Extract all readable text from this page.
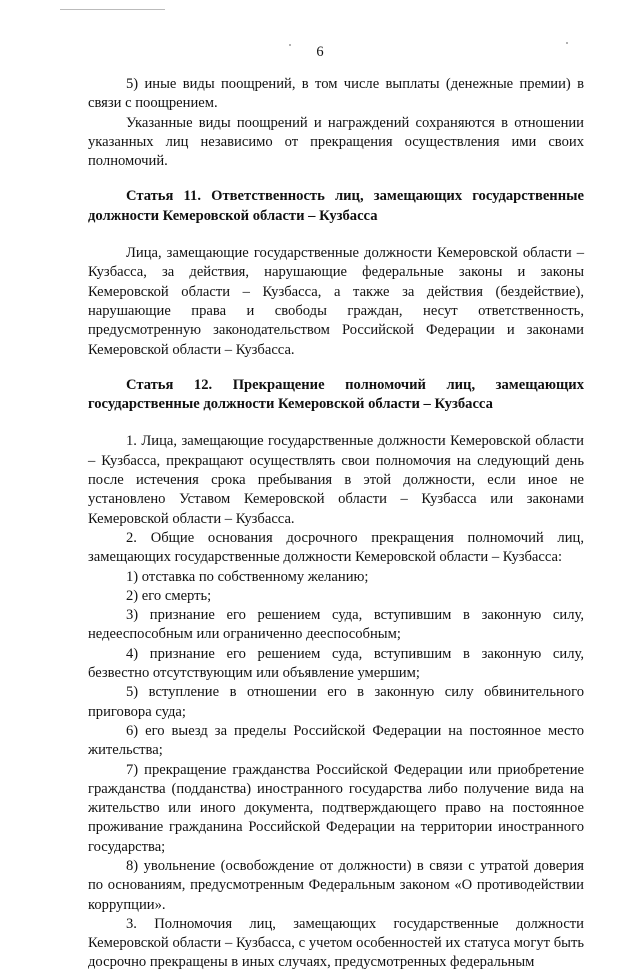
6

5) иные виды поощрений, в том числе выплаты (денежные премии) в связи с поощрением.

Указанные виды поощрений и награждений сохраняются в отношении указанных лиц независимо от прекращения осуществления ими своих полномочий.

Статья 11. Ответственность лиц, замещающих государственные должности Кемеровской области – Кузбасса

Лица, замещающие государственные должности Кемеровской области – Кузбасса, за действия, нарушающие федеральные законы и законы Кемеровской области – Кузбасса, а также за действия (бездействие), нарушающие права и свободы граждан, несут ответственность, предусмотренную законодательством Российской Федерации и законами Кемеровской области – Кузбасса.

Статья 12. Прекращение полномочий лиц, замещающих государственные должности Кемеровской области – Кузбасса

1. Лица, замещающие государственные должности Кемеровской области – Кузбасса, прекращают осуществлять свои полномочия на следующий день после истечения срока пребывания в этой должности, если иное не установлено Уставом Кемеровской области – Кузбасса или законами Кемеровской области – Кузбасса.

2. Общие основания досрочного прекращения полномочий лиц, замещающих государственные должности Кемеровской области – Кузбасса:

1) отставка по собственному желанию;

2) его смерть;

3) признание его решением суда, вступившим в законную силу, недееспособным или ограниченно дееспособным;

4) признание его решением суда, вступившим в законную силу, безвестно отсутствующим или объявление умершим;

5) вступление в отношении его в законную силу обвинительного приговора суда;

6) его выезд за пределы Российской Федерации на постоянное место жительства;

7) прекращение гражданства Российской Федерации или приобретение гражданства (подданства) иностранного государства либо получение вида на жительство или иного документа, подтверждающего право на постоянное проживание гражданина Российской Федерации на территории иностранного государства;

8) увольнение (освобождение от должности) в связи с утратой доверия по основаниям, предусмотренным Федеральным законом «О противодействии коррупции».

3. Полномочия лиц, замещающих государственные должности Кемеровской области – Кузбасса, с учетом особенностей их статуса могут быть досрочно прекращены в иных случаях, предусмотренных федеральным
